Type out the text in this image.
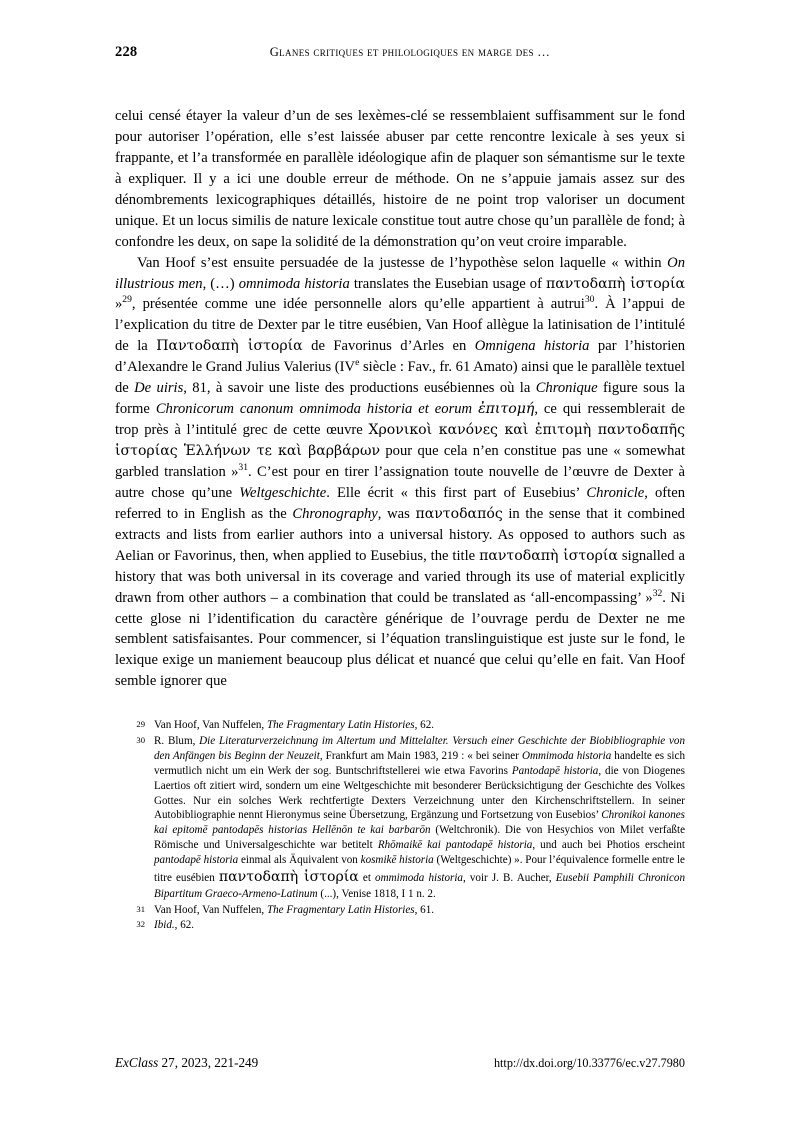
228	Glanes critiques et philologiques en marge des …

celui censé étayer la valeur d’un de ses lexèmes-clé se ressemblaient suffisamment sur le fond pour autoriser l’opération, elle s’est laissée abuser par cette rencontre lexicale à ses yeux si frappante, et l’a transformée en parallèle idéologique afin de plaquer son sémantisme sur le texte à expliquer. Il y a ici une double erreur de méthode. On ne s’appuie jamais assez sur des dénombrements lexicographiques détaillés, histoire de ne point trop valoriser un document unique. Et un locus similis de nature lexicale constitue tout autre chose qu’un parallèle de fond; à confondre les deux, on sape la solidité de la démonstration qu’on veut croire imparable.

Van Hoof s’est ensuite persuadée de la justesse de l’hypothèse selon laquelle « within On illustrious men, (…) omnimoda historia translates the Eusebian usage of παντοδαπὴ ἱστορία »$^{29}$, présentée comme une idée personnelle alors qu’elle appartient à autrui$^{30}$. À l’appui de l’explication du titre de Dexter par le titre eusébien, Van Hoof allègue la latinisation de l’intitulé de la Παντοδαπὴ ἱστορία de Favorinus d’Arles en Omnigena historia par l’historien d’Alexandre le Grand Julius Valerius (IVe siècle : Fav., fr. 61 Amato) ainsi que le parallèle textuel de De uiris, 81, à savoir une liste des productions eusébiennes où la Chronique figure sous la forme Chronicorum canonum omnimoda historia et eorum ἐπιτομή, ce qui ressemblerait de trop près à l’intitulé grec de cette œuvre Χρονικοὶ κανόνες καὶ ἐπιτομὴ παντοδαπῆς ἱστορίας Ἑλλήνων τε καὶ βαρβάρων pour que cela n’en constitue pas une « somewhat garbled translation »$^{31}$. C’est pour en tirer l’assignation toute nouvelle de l’œuvre de Dexter à autre chose qu’une Weltgeschichte. Elle écrit « this first part of Eusebius’ Chronicle, often referred to in English as the Chronography, was παντοδαπός in the sense that it combined extracts and lists from earlier authors into a universal history. As opposed to authors such as Aelian or Favorinus, then, when applied to Eusebius, the title παντοδαπὴ ἱστορία signalled a history that was both universal in its coverage and varied through its use of material explicitly drawn from other authors – a combination that could be translated as ‘all-encompassing’ »$^{32}$. Ni cette glose ni l’identification du caractère générique de l’ouvrage perdu de Dexter ne me semblent satisfaisantes. Pour commencer, si l’équation translinguistique est juste sur le fond, le lexique exige un maniement beaucoup plus délicat et nuancé que celui qu’elle en fait. Van Hoof semble ignorer que

29 Van Hoof, Van Nuffelen, The Fragmentary Latin Histories, 62.
30 R. Blum, Die Literaturverzeichnung im Altertum und Mittelalter. Versuch einer Geschichte der Biobibliographie von den Anfängen bis Beginn der Neuzeit, Frankfurt am Main 1983, 219 : « bei seiner Ommimoda historia handelte es sich vermutlich nicht um ein Werk der sog. Buntschriftstellerei wie etwa Favorins Pantodapē historia, die von Diogenes Laertios oft zitiert wird, sondern um eine Weltgeschichte mit besonderer Berücksichtigung der Geschichte des Volkes Gottes. Nur ein solches Werk rechtfertigte Dexters Verzeichnung unter den Kirchenschriftstellern. In seiner Autobibliographie nennt Hieronymus seine Übersetzung, Ergänzung und Fortsetzung von Eusebios’ Chronikoi kanones kai epitomē pantodapēs historias Hellēnōn te kai barbarōn (Weltchronik). Die von Hesychios von Milet verfaßte Römische und Universalgeschichte war betitelt Rhōmaikē kai pantodapē historia, und auch bei Photios erscheint pantodapē historia einmal als Äquivalent von kosmikē historia (Weltgeschichte) ». Pour l’équivalence formelle entre le titre eusébien παντοδαπὴ ἱστορία et ommimoda historia, voir J. B. Aucher, Eusebii Pamphili Chronicon Bipartitum Graeco-Armeno-Latinum (...), Venise 1818, I 1 n. 2.
31 Van Hoof, Van Nuffelen, The Fragmentary Latin Histories, 61.
32 Ibid., 62.
ExClass 27, 2023, 221-249	http://dx.doi.org/10.33776/ec.v27.7980
